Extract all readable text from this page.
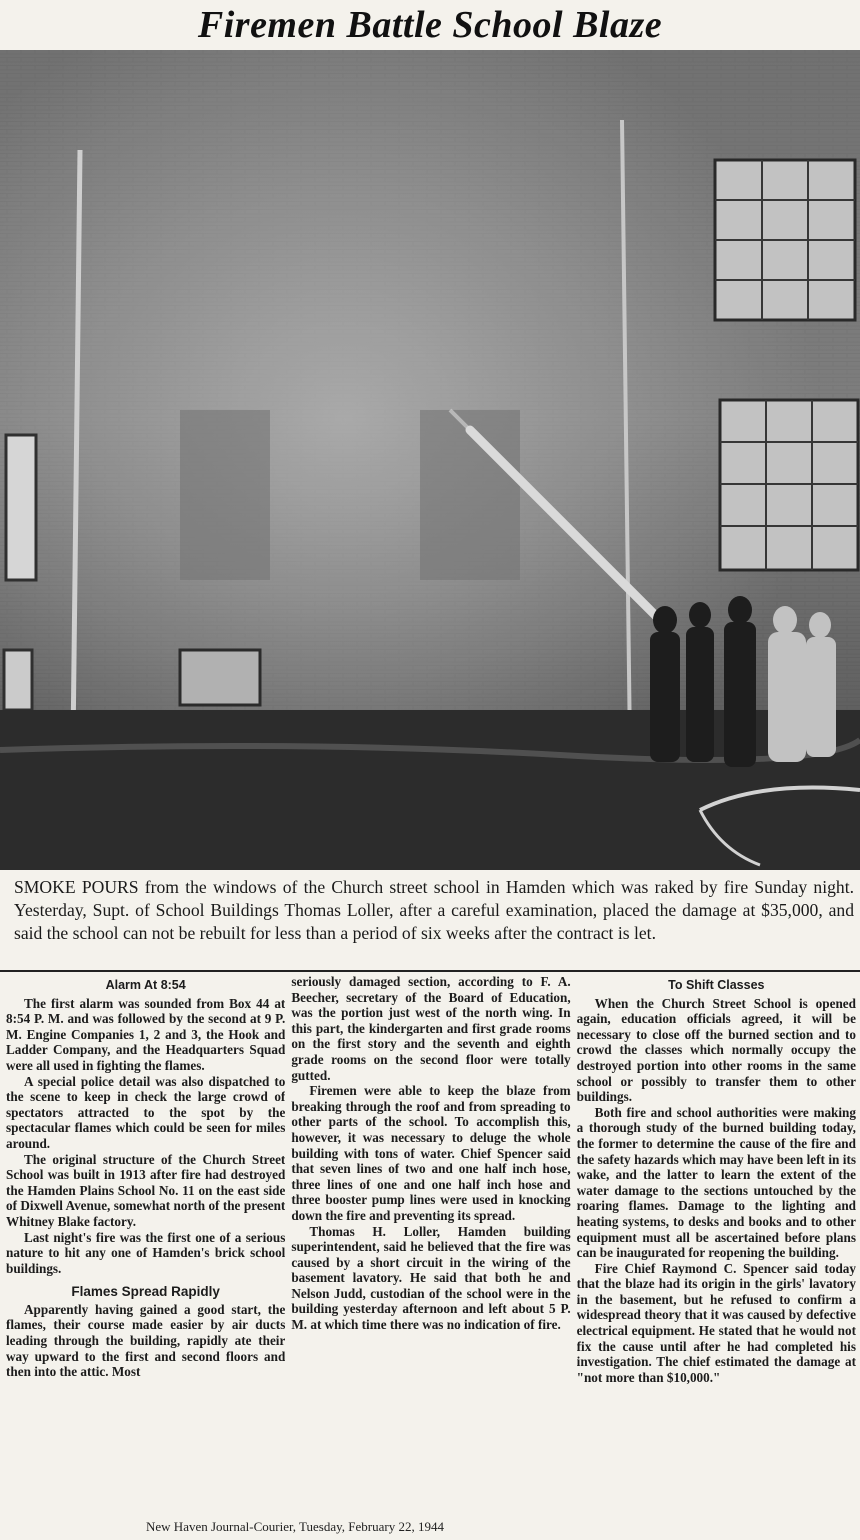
Firemen Battle School Blaze
SMOKE POURS from the windows of the Church street school in Hamden which was raked by fire Sunday night. Yesterday, Supt. of School Buildings Thomas Loller, after a careful examination, placed the damage at $35,000, and said the school can not be rebuilt for less than a period of six weeks after the contract is let.
Alarm At 8:54

The first alarm was sounded from Box 44 at 8:54 P. M. and was followed by the second at 9 P. M. Engine Companies 1, 2 and 3, the Hook and Ladder Company, and the Headquarters Squad were all used in fighting the flames.

A special police detail was also dispatched to the scene to keep in check the large crowd of spectators attracted to the spot by the spectacular flames which could be seen for miles around.

The original structure of the Church Street School was built in 1913 after fire had destroyed the Hamden Plains School No. 11 on the east side of Dixwell Avenue, somewhat north of the present Whitney Blake factory.

Last night's fire was the first one of a serious nature to hit any one of Hamden's brick school buildings.

Flames Spread Rapidly

Apparently having gained a good start, the flames, their course made easier by air ducts leading through the building, rapidly ate their way upward to the first and second floors and then into the attic. Most

seriously damaged section, according to F. A. Beecher, secretary of the Board of Education, was the portion just west of the north wing. In this part, the kindergarten and first grade rooms on the first story and the seventh and eighth grade rooms on the second floor were totally gutted.

Firemen were able to keep the blaze from breaking through the roof and from spreading to other parts of the school. To accomplish this, however, it was necessary to deluge the whole building with tons of water. Chief Spencer said that seven lines of two and one half inch hose, three lines of one and one half inch hose and three booster pump lines were used in knocking down the fire and preventing its spread.

Thomas H. Loller, Hamden building superintendent, said he believed that the fire was caused by a short circuit in the wiring of the basement lavatory. He said that both he and Nelson Judd, custodian of the school were in the building yesterday afternoon and left about 5 P. M. at which time there was no indication of fire.

To Shift Classes

When the Church Street School is opened again, education officials agreed, it will be necessary to close off the burned section and to crowd the classes which normally occupy the destroyed portion into other rooms in the same school or possibly to transfer them to other buildings.

Both fire and school authorities were making a thorough study of the burned building today, the former to determine the cause of the fire and the safety hazards which may have been left in its wake, and the latter to learn the extent of the water damage to the sections untouched by the roaring flames. Damage to the lighting and heating systems, to desks and books and to other equipment must all be ascertained before plans can be inaugurated for reopening the building.

Fire Chief Raymond C. Spencer said today that the blaze had its origin in the girls' lavatory in the basement, but he refused to confirm a widespread theory that it was caused by defective electrical equipment. He stated that he would not fix the cause until after he had completed his investigation. The chief estimated the damage at "not more than $10,000."

New Haven Journal-Courier, Tuesday, February 22, 1944
